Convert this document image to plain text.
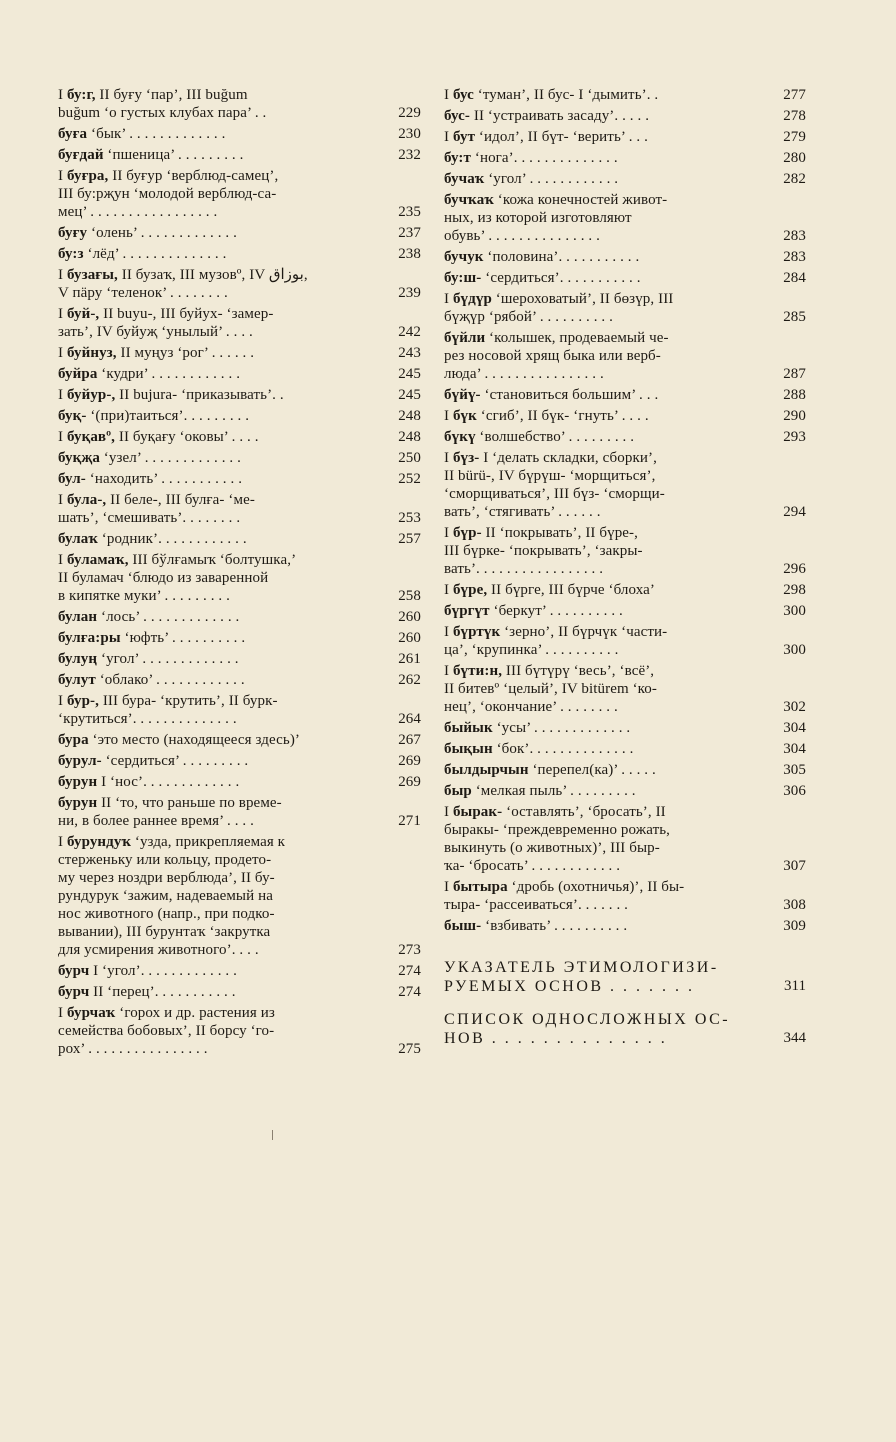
I бу:г, II буғу ‘пар’, III buğum
buğum ‘о густых клубах пара’ . .	229
буға ‘бык’ . . . . . . . . . . . . .	230
буғдай ‘пшеница’ . . . . . . . . .	232
I буғра, II буғур ‘верблюд-самец’,
III бу:рҗун ‘молодой верблюд-са-
мец’ . . . . . . . . . . . . . . . . .	235
буғу ‘олень’ . . . . . . . . . . . . .	237
бу:з ‘лёд’ . . . . . . . . . . . . . .	238
I бузағы, II бузаҡ, III музовº, IV بوزاق,
V пäру ‘теленок’ . . . . . . . .	239
I буй-, II buyu-, III буйух- ‘замер-
зать’, IV буйуҗ ‘унылый’ . . . .	242
I буйнуз, II муңуз ‘рог’ . . . . . .	243
буйра ‘кудри’ . . . . . . . . . . . .	245
I буйур-, II bujura- ‘приказывать’. .	245
буқ- ‘(при)таиться’. . . . . . . . .	248
I буқавº, II буқағу ‘оковы’ . . . .	248
буқҗа ‘узел’ . . . . . . . . . . . . .	250
бул- ‘находить’ . . . . . . . . . . .	252
I була-, II беле-, III булға- ‘ме-
шать’, ‘смешивать’. . . . . . . .	253
булаҡ ‘родник’. . . . . . . . . . . .	257
I буламаҡ, III бўлғамыҡ ‘болтушка,’
II буламач ‘блюдо из заваренной
в кипятке муки’ . . . . . . . . .	258
булан ‘лось’ . . . . . . . . . . . . .	260
булға:ры ‘юфть’ . . . . . . . . . .	260
булуң ‘угол’ . . . . . . . . . . . . .	261
булут ‘облако’ . . . . . . . . . . . .	262
I бур-, III бура- ‘крутить’, II бурк-
‘крутиться’. . . . . . . . . . . . . .	264
бура ‘это место (находящееся здесь)’	267
бурул- ‘сердиться’ . . . . . . . . .	269
бурун I ‘нос’. . . . . . . . . . . . .	269
бурун II ‘то, что раньше по време-
ни, в более раннее время’ . . . .	271
I бурундуҡ ‘узда, прикрепляемая к
стерженьку или кольцу, продето-
му через ноздри верблюда’, II бу-
рундурук ‘зажим, надеваемый на
нос животного (напр., при подко-
вывании), III бурунтаҡ ‘закрутка
для усмирения животного’. . . .	273
бурч I ‘угол’. . . . . . . . . . . . .	274
бурч II ‘перец’. . . . . . . . . . .	274
I бурчаҡ ‘горох и др. растения из
семейства бобовых’, II борсу ‘го-
рох’ . . . . . . . . . . . . . . . .	275
I бус ‘туман’, II бус- I ‘дымить’. .	277
бус- II ‘устраивать засаду’. . . . .	278
I бут ‘идол’, II бүт- ‘верить’ . . .	279
бу:т ‘нога’. . . . . . . . . . . . . .	280
бучаҡ ‘угол’ . . . . . . . . . . . .	282
бучҡаҡ ‘кожа конечностей живот-
ных, из которой изготовляют
обувь’ . . . . . . . . . . . . . . .	283
бучук ‘половина’. . . . . . . . . . .	283
бу:ш- ‘сердиться’. . . . . . . . . . .	284
I бүдүр ‘шероховатый’, II бөзүр, III
бүҗүр ‘рябой’ . . . . . . . . . .	285
бүйли ‘колышек, продеваемый че-
рез носовой хрящ быка или верб-
люда’ . . . . . . . . . . . . . . . .	287
бүйү- ‘становиться большим’ . . .	288
I бүк ‘сгиб’, II бүк- ‘гнуть’ . . . .	290
бүкү ‘волшебство’ . . . . . . . . .	293
I бүз- I ‘делать складки, сборки’,
II bürü-, IV бүрүш- ‘морщиться’,
‘сморщиваться’, III бүз- ‘сморщи-
вать’, ‘стягивать’ . . . . . .	294
I бүр- II ‘покрывать’, II бүре-,
III бүрке- ‘покрывать’, ‘закры-
вать’. . . . . . . . . . . . . . . . .	296
I бүре, II бүрге, III бүрче ‘блоха’	298
бүргүт ‘беркут’ . . . . . . . . . .	300
I бүртүк ‘зерно’, II бүрчүк ‘части-
ца’, ‘крупинка’ . . . . . . . . . .	300
I бүти:н, III бүтүрү ‘весь’, ‘всё’,
II битевº ‘целый’, IV bitürem ‘ко-
нец’, ‘окончание’ . . . . . . . .	302
быйык ‘усы’ . . . . . . . . . . . . .	304
бықын ‘бок’. . . . . . . . . . . . . .	304
былдырчын ‘перепел(ка)’ . . . . .	305
быр ‘мелкая пыль’ . . . . . . . . .	306
I бырак- ‘оставлять’, ‘бросать’, II
быракы- ‘преждевременно рожать,
выкинуть (о животных)’, III быр-
ҡа- ‘бросать’ . . . . . . . . . . . .	307
I бытыра ‘дробь (охотничья)’, II бы-
тыра- ‘рассеиваться’. . . . . . .	308
быш- ‘взбивать’ . . . . . . . . . .	309
УКАЗАТЕЛЬ ЭТИМОЛОГИЗИ-
РУЕМЫХ ОСНОВ . . . . . . .	311
СПИСОК ОДНОСЛОЖНЫХ ОС-
НОВ . . . . . . . . . . . . . .	344
